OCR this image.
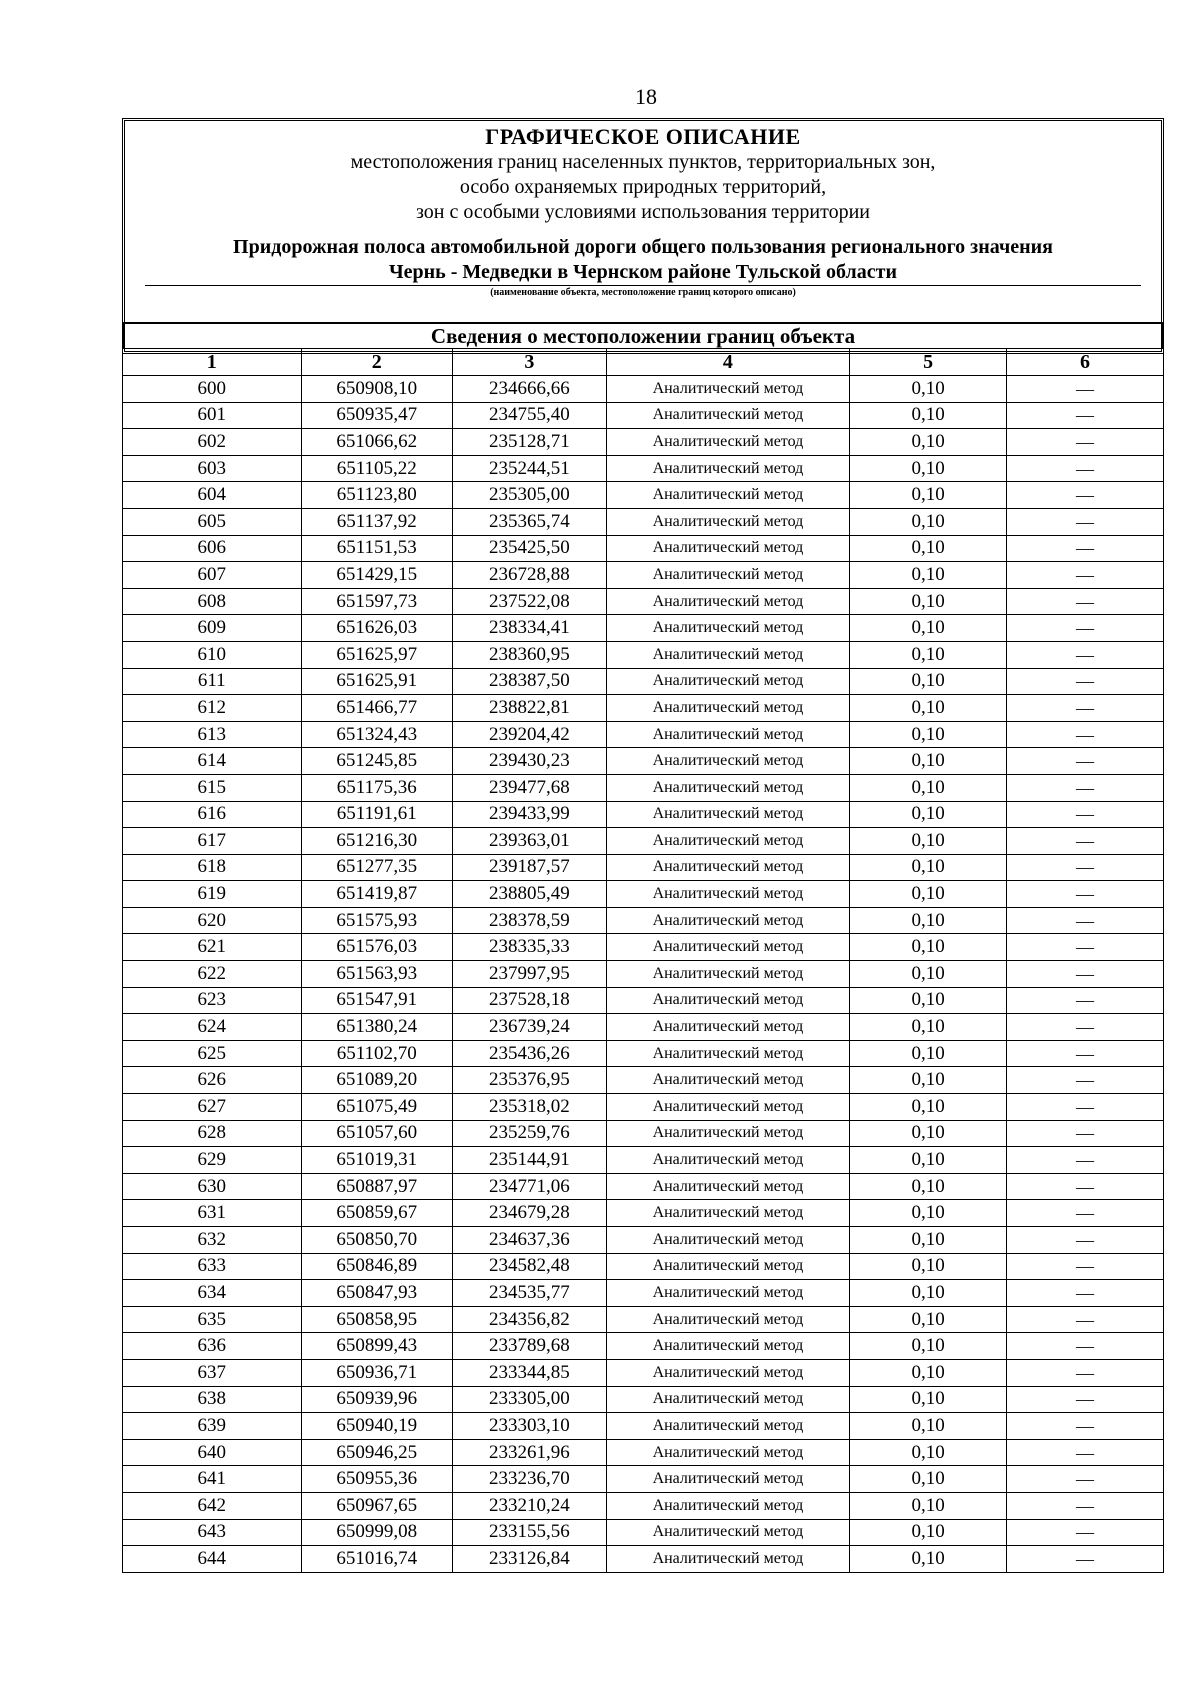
18
ГРАФИЧЕСКОЕ ОПИСАНИЕ
местоположения границ населенных пунктов, территориальных зон,
особо охраняемых природных территорий,
зон с особыми условиями использования территории
Придорожная полоса автомобильной дороги общего пользования регионального значения
Чернь - Медведки в Чернском районе Тульской области
(наименование объекта, местоположение границ которого описано)
Сведения о местоположении границ объекта
1	2	3	4	5	6
600	650908,10	234666,66	Аналитический метод	0,10	—
601	650935,47	234755,40	Аналитический метод	0,10	—
602	651066,62	235128,71	Аналитический метод	0,10	—
603	651105,22	235244,51	Аналитический метод	0,10	—
604	651123,80	235305,00	Аналитический метод	0,10	—
605	651137,92	235365,74	Аналитический метод	0,10	—
606	651151,53	235425,50	Аналитический метод	0,10	—
607	651429,15	236728,88	Аналитический метод	0,10	—
608	651597,73	237522,08	Аналитический метод	0,10	—
609	651626,03	238334,41	Аналитический метод	0,10	—
610	651625,97	238360,95	Аналитический метод	0,10	—
611	651625,91	238387,50	Аналитический метод	0,10	—
612	651466,77	238822,81	Аналитический метод	0,10	—
613	651324,43	239204,42	Аналитический метод	0,10	—
614	651245,85	239430,23	Аналитический метод	0,10	—
615	651175,36	239477,68	Аналитический метод	0,10	—
616	651191,61	239433,99	Аналитический метод	0,10	—
617	651216,30	239363,01	Аналитический метод	0,10	—
618	651277,35	239187,57	Аналитический метод	0,10	—
619	651419,87	238805,49	Аналитический метод	0,10	—
620	651575,93	238378,59	Аналитический метод	0,10	—
621	651576,03	238335,33	Аналитический метод	0,10	—
622	651563,93	237997,95	Аналитический метод	0,10	—
623	651547,91	237528,18	Аналитический метод	0,10	—
624	651380,24	236739,24	Аналитический метод	0,10	—
625	651102,70	235436,26	Аналитический метод	0,10	—
626	651089,20	235376,95	Аналитический метод	0,10	—
627	651075,49	235318,02	Аналитический метод	0,10	—
628	651057,60	235259,76	Аналитический метод	0,10	—
629	651019,31	235144,91	Аналитический метод	0,10	—
630	650887,97	234771,06	Аналитический метод	0,10	—
631	650859,67	234679,28	Аналитический метод	0,10	—
632	650850,70	234637,36	Аналитический метод	0,10	—
633	650846,89	234582,48	Аналитический метод	0,10	—
634	650847,93	234535,77	Аналитический метод	0,10	—
635	650858,95	234356,82	Аналитический метод	0,10	—
636	650899,43	233789,68	Аналитический метод	0,10	—
637	650936,71	233344,85	Аналитический метод	0,10	—
638	650939,96	233305,00	Аналитический метод	0,10	—
639	650940,19	233303,10	Аналитический метод	0,10	—
640	650946,25	233261,96	Аналитический метод	0,10	—
641	650955,36	233236,70	Аналитический метод	0,10	—
642	650967,65	233210,24	Аналитический метод	0,10	—
643	650999,08	233155,56	Аналитический метод	0,10	—
644	651016,74	233126,84	Аналитический метод	0,10	—
